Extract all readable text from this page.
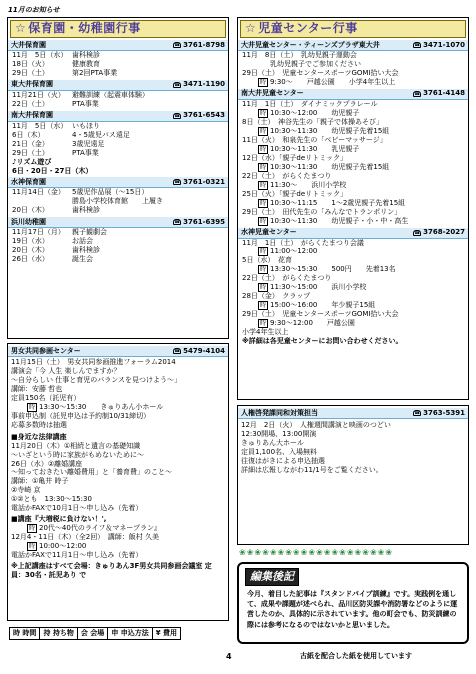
11月のお知らせ
☆ 保育園・幼稚園行事
大井保育園	☎ 3761-8798
11月　5日（水） 歯科検診
18日（火）	健康教育
29日（土）	第2回PTA事業
東大井保育園	☎ 3471-1190
11月21日（火）	避難訓練（起震車体験）
22日（土）	PTA事業
南大井保育園	☎ 3761-6543
11月　5日（水） いもほり
6日（木）	4・5歳児バス遠足
21日（金）	3歳児遠足
29日（土）	PTA事業
♪リズム遊び
6日・20日・27日（木）
水神保育園	☎ 3761-0321
11月14日（金）	5歳児作品展（～15日）
勝島小学校体育館　　上履き
20日（木）	歯科検診
浜川幼稚園	☎ 3761-6395
11月17日（月）	親子観劇会
19日（水）	お話会
20日（木）	歯科検診
26日（水）	誕生会
☆ 児童センター行事
大井児童センター・ティーンズプラザ東大井	☎ 3471-1070
11月　8日（土）　乳幼児親子運動会
　　　　乳幼児親子でご参加ください
29日（土）　児童センタースポーツGOMI拾い大会
時 9:30～　　戸越公園　　小学4年生以上
南大井児童センター	☎ 3761-4148
11月　1日（土）　ダイナミックプラレール
時 10:30～12:00　　幼児親子
8日（土）　神谷先生の「親子で体操あそび」
時 10:30～11:30　　幼児親子先着15組
11日（火）　和泉先生の「ベビーマッサージ」
時 10:30～11:30　　乳児親子
12日（水）「親子deリトミック」
時 10:30～11:30　　幼児親子先着15組
22日（土）　がらくたまつり
時 11:30～　　浜川小学校
25日（火）「親子deリトミック」
時 10:30～11:15　　1～2歳児親子先着15組
29日（土）　田代先生の「みんなでトランポリン」
時 10:30～11:30　　幼児親子・小・中・高生
水神児童センター	☎ 3768-2027
11月　1日（土）　がらくたまつり会議
時 11:00～12:00
5日（水）　花育
時 13:30～15:30　　500円　　先着13名
22日（土）　がらくたまつり
時 11:30～15:00　　浜川小学校
28日（金）　クラップ
時 15:00～16:00　　年少親子15組
29日（土）　児童センタースポーツGOMI拾い大会
時 9:30～12:00　　戸越公園
小学4年生以上
※詳細は各児童センターにお問い合わせください。
男女共同参画センター	☎ 5479-4104
11月15日（土）　男女共同参画推進フォーラム2014
講演会「今 人生 楽しんでますか？
～自分らしい 仕事と育児のバランスを見つけよう～」
講師：安藤 哲也
定員150名（託児有）
時 13:30～15:30　　きゅりあん小ホール
事前申込制（託児申込は予約制10/31締切）
応募多数時は抽選
■身近な法律講座
11月20日（木）①相続と遺言の基礎知識
～いざという時に家族がもめないために～
26日（水）②離婚講座
～知っておきたい離婚費用」と「養育費」のこと～
講師：①亀井 時子
②寺崎 京
①②とも　13:30～15:30
電話かFAXで10月1日～申し込み（先着）
■講座『大増税に負けない！',
時 20代～40代のライフ＆マネープラン』
12月4・11日（木）（全2回）　講師：飯村 久美
時 10:00～12:00
電話かFAXで11月1日～申し込み（先着）
※上記講座はすべて会場：きゅりあん3F男女共同参画会議室 定員：30名・託児あり で
時 時間	持 持ち物	会 会場	申 申込方法	¥ 費用
人権啓発課同和対策担当	☎ 3763-5391
12月　2日（火）　人権週間講演と映画のつどい
12:30開場、13:00開演
きゅりあん大ホール
定員1,100名、入場無料
往復はがきによる申込抽選
詳細は広報しながわ11/1号をご覧ください。
❀❀❀❀❀❀❀❀❀❀❀❀❀❀❀❀❀❀❀❀
編集後記
今月、着目した記事は『スタンドパイプ訓練』です。実践例を通して、成果や課題が述べられ、品川区防災課や消防署などのように運営したのか、具体的に示されています。他の町会でも、防災訓練の際には参考になるのではないかと思いました。
4	古紙を配合した紙を使用しています
